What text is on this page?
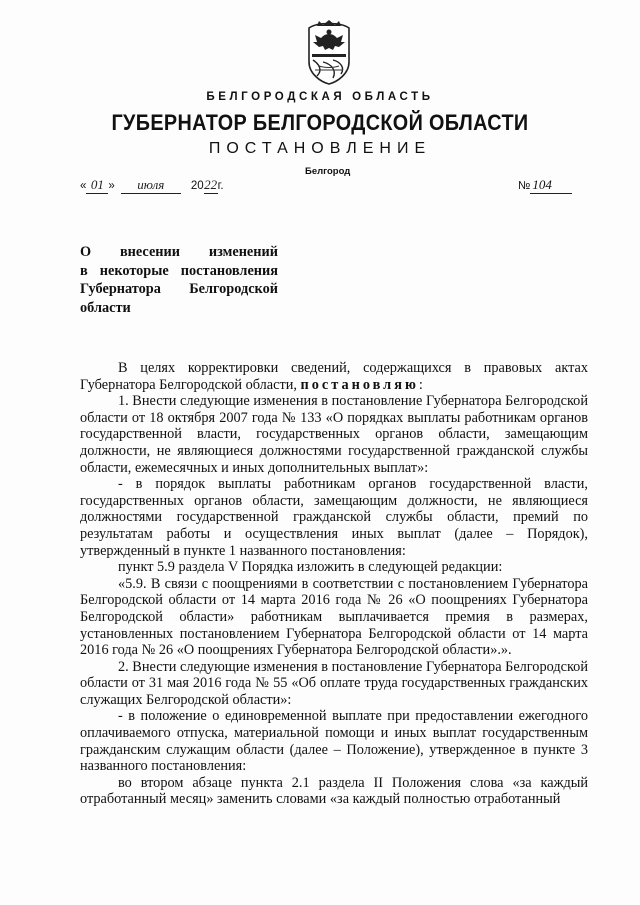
БЕЛГОРОДСКАЯ ОБЛАСТЬ
ГУБЕРНАТОР БЕЛГОРОДСКОЙ ОБЛАСТИ
ПОСТАНОВЛЕНИЕ
Белгород
« 01 » июля 2022г.	№ 104
О внесении изменений
в некоторые постановления
Губернатора Белгородской
области

В целях корректировки сведений, содержащихся в правовых актах Губернатора Белгородской области, постановляю:

1. Внести следующие изменения в постановление Губернатора Белгородской области от 18 октября 2007 года № 133 «О порядках выплаты работникам органов государственной власти, государственных органов области, замещающим должности, не являющиеся должностями государственной гражданской службы области, ежемесячных и иных дополнительных выплат»:

- в порядок выплаты работникам органов государственной власти, государственных органов области, замещающим должности, не являющиеся должностями государственной гражданской службы области, премий по результатам работы и осуществления иных выплат (далее – Порядок), утвержденный в пункте 1 названного постановления:

пункт 5.9 раздела V Порядка изложить в следующей редакции:

«5.9. В связи с поощрениями в соответствии с постановлением Губернатора Белгородской области от 14 марта 2016 года № 26 «О поощрениях Губернатора Белгородской области» работникам выплачивается премия в размерах, установленных постановлением Губернатора Белгородской области от 14 марта 2016 года № 26 «О поощрениях Губернатора Белгородской области».».

2. Внести следующие изменения в постановление Губернатора Белгородской области от 31 мая 2016 года № 55 «Об оплате труда государственных гражданских служащих Белгородской области»:

- в положение о единовременной выплате при предоставлении ежегодного оплачиваемого отпуска, материальной помощи и иных выплат государственным гражданским служащим области (далее – Положение), утвержденное в пункте 3 названного постановления:

во втором абзаце пункта 2.1 раздела II Положения слова «за каждый отработанный месяц» заменить словами «за каждый полностью отработанный
